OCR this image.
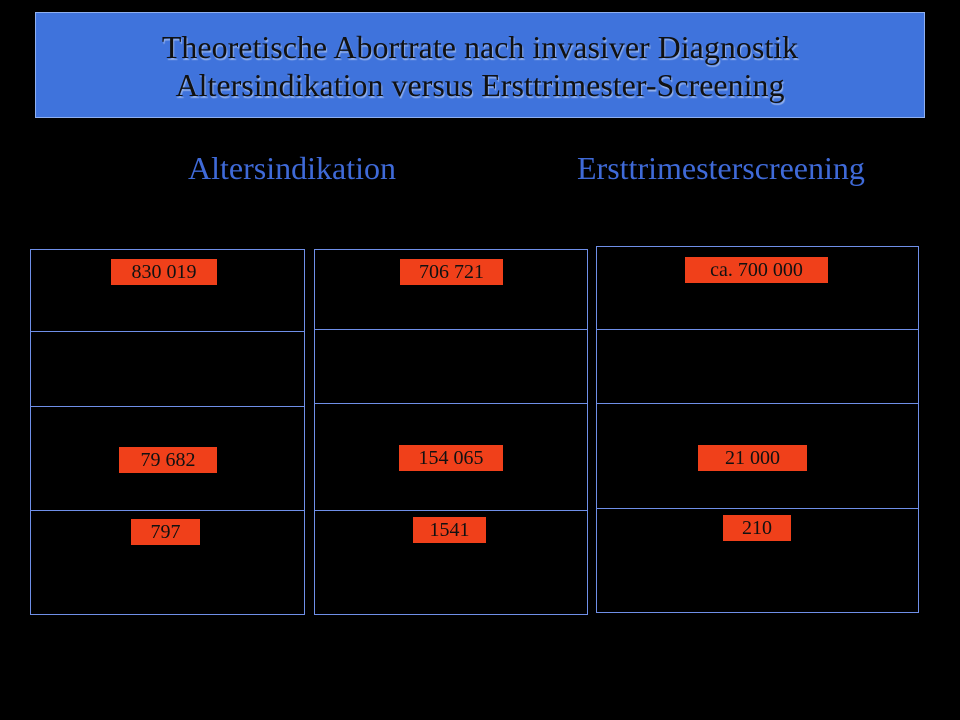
Theoretische Abortrate nach invasiver Diagnostik
Altersindikation versus Ersttrimester-Screening
Altersindikation	Ersttrimesterscreening
830 019
79 682
797
706 721
154 065
1541
ca. 700 000
21 000
210
